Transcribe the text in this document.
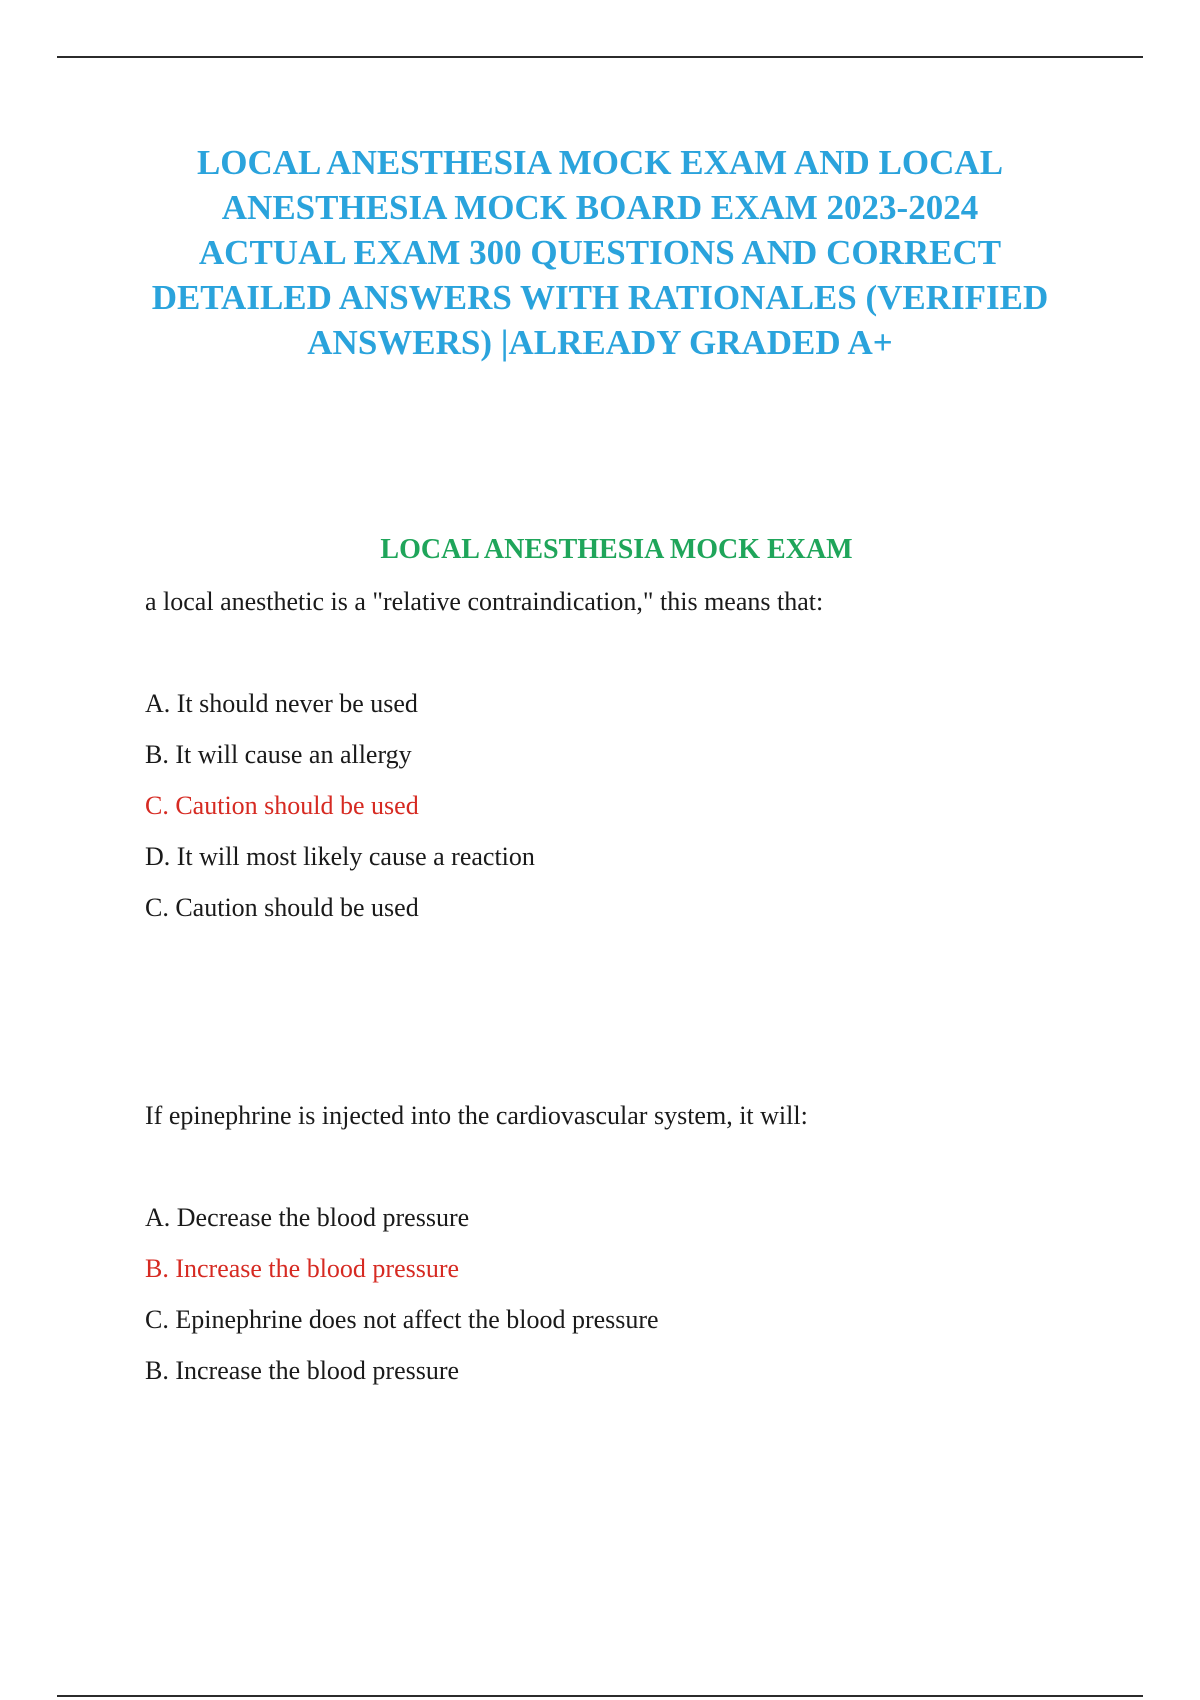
LOCAL ANESTHESIA MOCK EXAM AND LOCAL
ANESTHESIA MOCK BOARD EXAM 2023-2024
ACTUAL EXAM 300 QUESTIONS AND CORRECT
DETAILED ANSWERS WITH RATIONALES (VERIFIED
ANSWERS) |ALREADY GRADED A+
LOCAL ANESTHESIA MOCK EXAM

a local anesthetic is a "relative contraindication," this means that:

A. It should never be used

B. It will cause an allergy

C. Caution should be used

D. It will most likely cause a reaction

C. Caution should be used

If epinephrine is injected into the cardiovascular system, it will:

A. Decrease the blood pressure

B. Increase the blood pressure

C. Epinephrine does not affect the blood pressure

B. Increase the blood pressure
